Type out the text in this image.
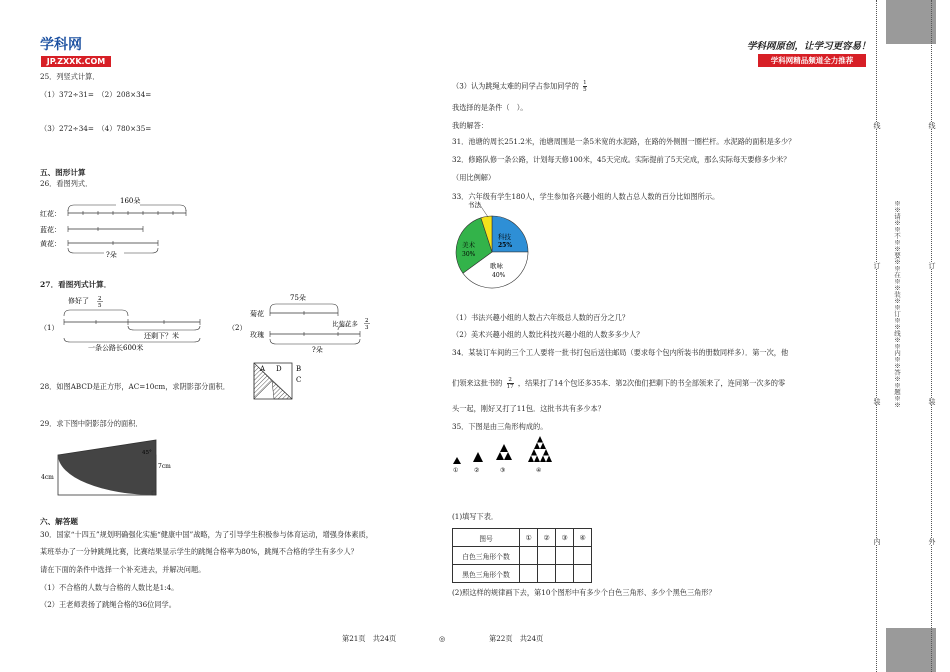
学科网
JP.ZXXK.COM
学科网原创，让学习更容易！
学科网精品频道全力推荐
25．列竖式计算．
（1）372÷31=　（2）208×34=
（3）272÷34=　（4）780×35=
五、图形计算
26．看图列式．
160朵
红花：
蓝花：
黄花：
?朵
27．看图列式计算．
（1）
修好了 2
5
还剩下？米
一条公路长600米
（2）
75朵
菊花
比菊花多 2
3
玫瑰
?朵
28．如图ABCD是正方形，AC=10cm，求阴影部分面积．
A D B
C
29．求下图中阴影部分的面积．
4cm
7cm
45°
六、解答题
30．国家“十四五”规划明确强化实施“健康中国”战略，为了引导学生积极参与体育运动，增强身体素质，
某班举办了一分钟跳绳比赛，比赛结果显示学生的跳绳合格率为80%，跳绳不合格的学生有多少人？
请在下面的条件中选择一个补充进去，并解决问题。
（1）不合格的人数与合格的人数比是1:4。
（2）王老师表扬了跳绳合格的36位同学。
（3）认为跳绳太难的同学占参加同学的 $\frac{1}{5}$
我选择的是条件（　）。
我的解答：
31．池塘的周长251.2米，池塘周围是一条5米宽的水泥路，在路的外侧围一圈栏杆。水泥路的面积是多少？
32．修路队修一条公路，计划每天修100米，45天完成。实际提前了5天完成，那么实际每天要修多少米？
（用比例解）
33．六年级有学生180人，学生参加各兴趣小组的人数占总人数的百分比如图所示。
科技
25%
歌咏
40%
美术
30%
书法
（1）书法兴趣小组的人数占六年级总人数的百分之几？
（2）美术兴趣小组的人数比科技兴趣小组的人数多多少人？
34．某装订车间的三个工人要将一批书打包后送往邮局（要求每个包内所装书的册数同样多）．第一次，他
们领来这批书的 $\frac{2}{17}$ ，结果打了14个包还多35本．第2次他们把剩下的书全部领来了，连同第一次多的零
头一起，刚好又打了11包．这批书共有多少本？
35．下图是由三角形构成的。
①	②	③	④
(1)填写下表．
图号	①	②	③	④
白色三角形个数				
黑色三角形个数				
(2)照这样的规律画下去，第10个图形中有多少个白色三角形、多少个黑色三角形？
第21页　共24页	◎	第22页　共24页
线
订
装
内
※※请※※不※※要※※在※※装※※订※※线※※内※※答※※题※※
线
订
装
外
